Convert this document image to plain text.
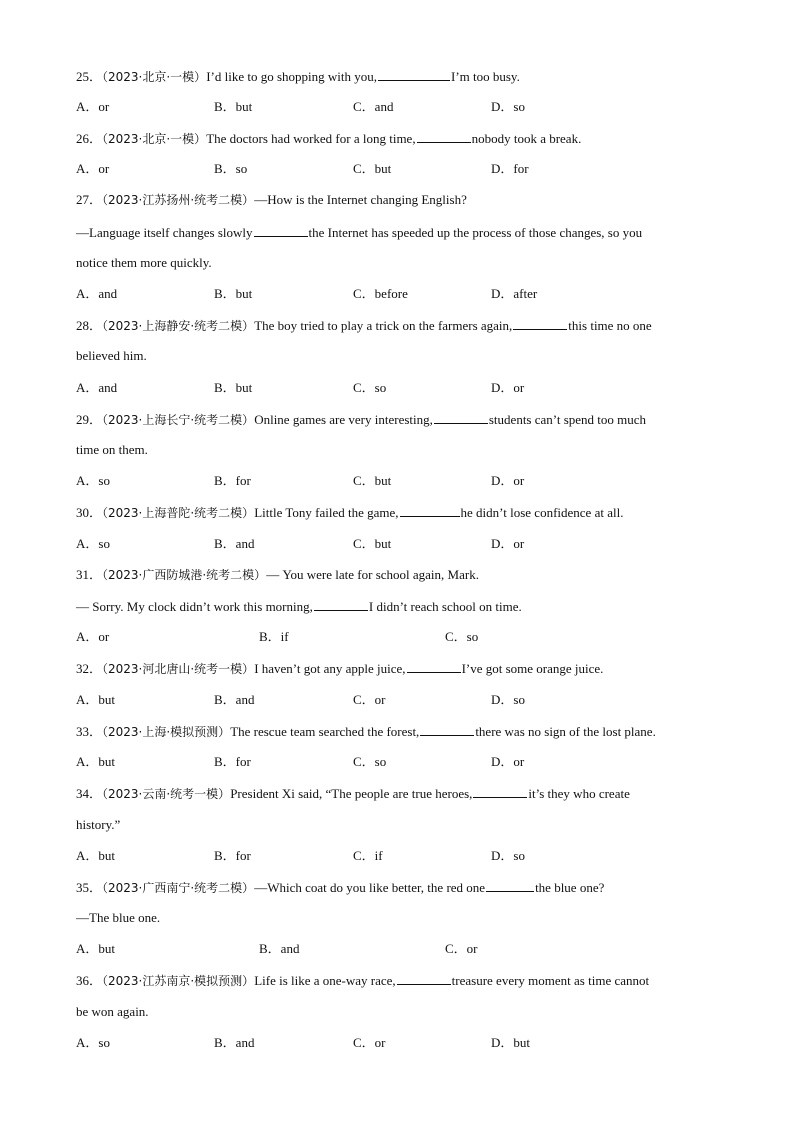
25．（2023·北京·一模）I’d like to go shopping with you,	I’m too busy.
A．or	B．but	C．and	D．so
26．（2023·北京·一模）The doctors had worked for a long time,	nobody took a break.
A．or	B．so	C．but	D．for
27．（2023·江苏扬州·统考二模）—How is the Internet changing English?
—Language itself changes slowly	the Internet has speeded up the process of those changes, so you
notice them more quickly.
A．and	B．but	C．before	D．after
28．（2023·上海静安·统考二模）The boy tried to play a trick on the farmers again,	this time no one
believed him.
A．and	B．but	C．so	D．or
29．（2023·上海长宁·统考二模）Online games are very interesting,	students can’t spend too much
time on them.
A．so	B．for	C．but	D．or
30．（2023·上海普陀·统考二模）Little Tony failed the game,	he didn’t lose confidence at all.
A．so	B．and	C．but	D．or
31．（2023·广西防城港·统考二模）— You were late for school again, Mark.
— Sorry. My clock didn’t work this morning,	I didn’t reach school on time.
A．or	B．if	C．so
32．（2023·河北唐山·统考一模）I haven’t got any apple juice,	I’ve got some orange juice.
A．but	B．and	C．or	D．so
33．（2023·上海·模拟预测）The rescue team searched the forest,	there was no sign of the lost plane.
A．but	B．for	C．so	D．or
34．（2023·云南·统考一模）President Xi said, “The people are true heroes,	it’s they who create
history.”
A．but	B．for	C．if	D．so
35．（2023·广西南宁·统考二模）—Which coat do you like better, the red one	the blue one?
—The blue one.
A．but	B．and	C．or
36．（2023·江苏南京·模拟预测）Life is like a one-way race,	treasure every moment as time cannot
be won again.
A．so	B．and	C．or	D．but
